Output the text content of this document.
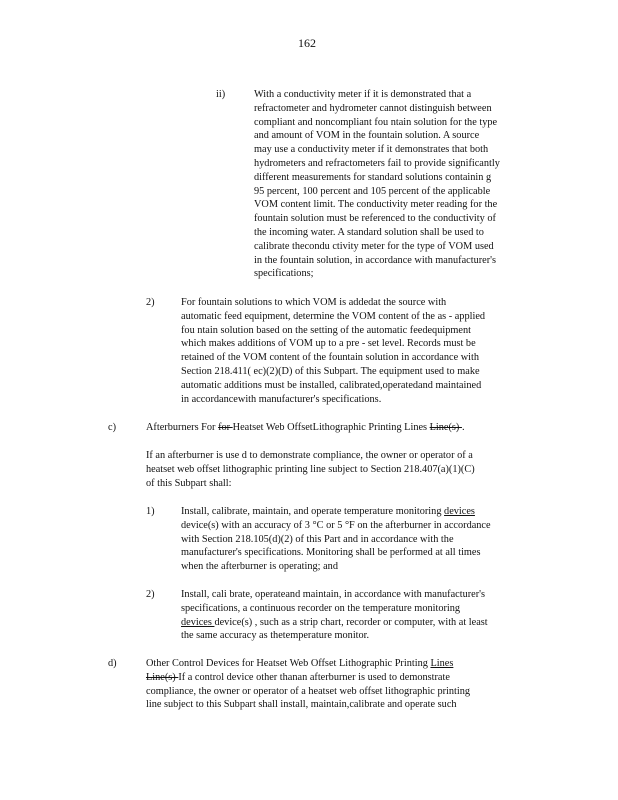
162
ii)	With a conductivity meter if it is demonstrated that a
refractometer and hydrometer cannot distinguish between
compliant and noncompliant fou ntain solution for the type
and amount of VOM in the fountain solution. A source
may use a conductivity meter if it demonstrates that both
hydrometers and refractometers fail to provide significantly
different measurements for standard solutions containin g
95 percent, 100 percent and 105 percent of the applicable
VOM content limit. The conductivity meter reading for the
fountain solution must be referenced to the conductivity of
the incoming water. A standard solution shall be used to
calibrate thecondu ctivity meter for the type of VOM used
in the fountain solution, in accordance with manufacturer's
specifications;
2)	For fountain solutions to which VOM is addedat the source with
automatic feed equipment, determine the VOM content of the as - applied
fou ntain solution based on the setting of the automatic feedequipment
which makes additions of VOM up to a pre - set level. Records must be
retained of the VOM content of the fountain solution in accordance with
Section 218.411( ec)(2)(D) of this Subpart. The equipment used to make
automatic additions must be installed, calibrated,operatedand maintained
in accordancewith manufacturer's specifications.
c)	Afterburners For for Heatset Web OffsetLithographic Printing Lines Line(s) .
If an afterburner is use d to demonstrate compliance, the owner or operator of a
heatset web offset lithographic printing line subject to Section 218.407(a)(1)(C)
of this Subpart shall:
1)	Install, calibrate, maintain, and operate temperature monitoring devices
device(s) with an accuracy of 3 °C or 5 °F on the afterburner in accordance
with Section 218.105(d)(2) of this Part and in accordance with the
manufacturer's specifications. Monitoring shall be performed at all times
when the afterburner is operating; and
2)	Install, cali brate, operateand maintain, in accordance with manufacturer's
specifications, a continuous recorder on the temperature monitoring
devices device(s) , such as a strip chart, recorder or computer, with at least
the same accuracy as thetemperature monitor.
d)	Other Control Devices for Heatset Web Offset Lithographic Printing Lines
Line(s) If a control device other thanan afterburner is used to demonstrate
compliance, the owner or operator of a heatset web offset lithographic printing
line subject to this Subpart shall install, maintain,calibrate and operate such
